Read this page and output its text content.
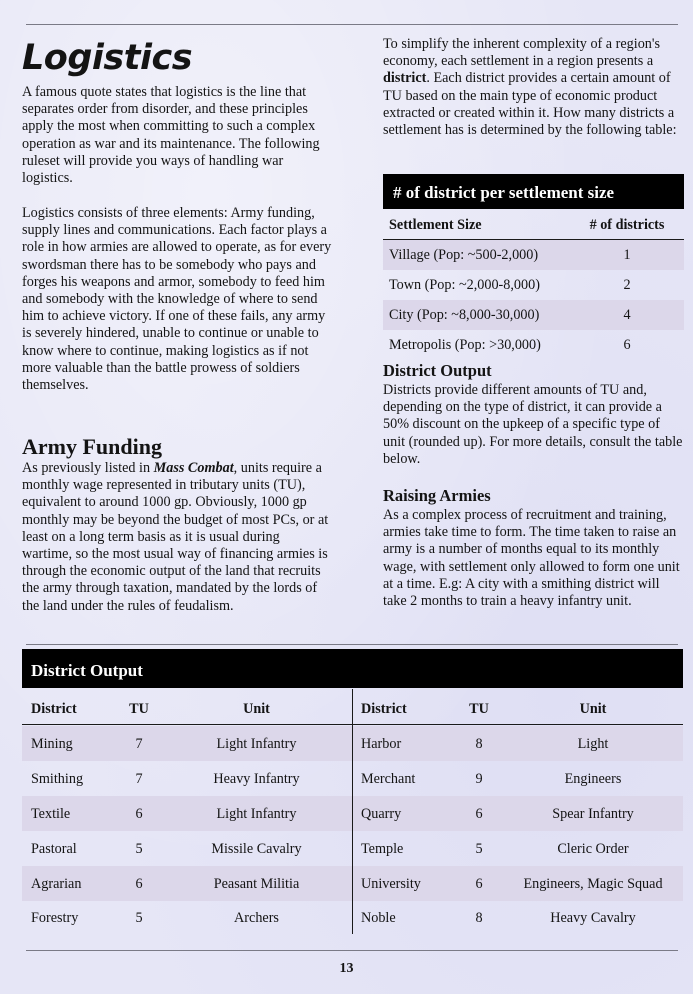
Logistics

A famous quote states that logistics is the line that separates order from disorder, and these principles apply the most when committing to such a complex operation as war and its maintenance. The following ruleset will provide you ways of handling war logistics.

Logistics consists of three elements: Army funding, supply lines and communications. Each factor plays a role in how armies are allowed to operate, as for every swordsman there has to be somebody who pays and forges his weapons and armor, somebody to feed him and somebody with the knowledge of where to send him to achieve victory. If one of these fails, any army is severely hindered, unable to continue or unable to know where to continue, making logistics as if not more valuable than the battle prowess of soldiers themselves.

Army Funding

As previously listed in Mass Combat, units require a monthly wage represented in tributary units (TU), equivalent to around 1000 gp. Obviously, 1000 gp monthly may be beyond the budget of most PCs, or at least on a long term basis as it is usual during wartime, so the most usual way of financing armies is through the economic output of the land that recruits the army through taxation, mandated by the lords of the land under the rules of feudalism.

To simplify the inherent complexity of a region's economy, each settlement in a region presents a district. Each district provides a certain amount of TU based on the main type of economic product extracted or created within it. How many districts a settlement has is determined by the following table:

# of district per settlement size
Settlement Size	# of districts
Village (Pop: ~500-2,000)	1
Town (Pop: ~2,000-8,000)	2
City (Pop: ~8,000-30,000)	4
Metropolis (Pop: >30,000)	6
District Output

Districts provide different amounts of TU and, depending on the type of district, it can provide a 50% discount on the upkeep of a specific type of unit (rounded up). For more details, consult the table below.

Raising Armies

As a complex process of recruitment and training, armies take time to form. The time taken to raise an army is a number of months equal to its monthly wage, with settlement only allowed to form one unit at a time. E.g: A city with a smithing district will take 2 months to train a heavy infantry unit.

District Output
District	TU	Unit	District	TU	Unit
Mining	7	Light Infantry	Harbor	8	Light
Smithing	7	Heavy Infantry	Merchant	9	Engineers
Textile	6	Light Infantry	Quarry	6	Spear Infantry
Pastoral	5	Missile Cavalry	Temple	5	Cleric Order
Agrarian	6	Peasant Militia	University	6	Engineers, Magic Squad
Forestry	5	Archers	Noble	8	Heavy Cavalry
13
